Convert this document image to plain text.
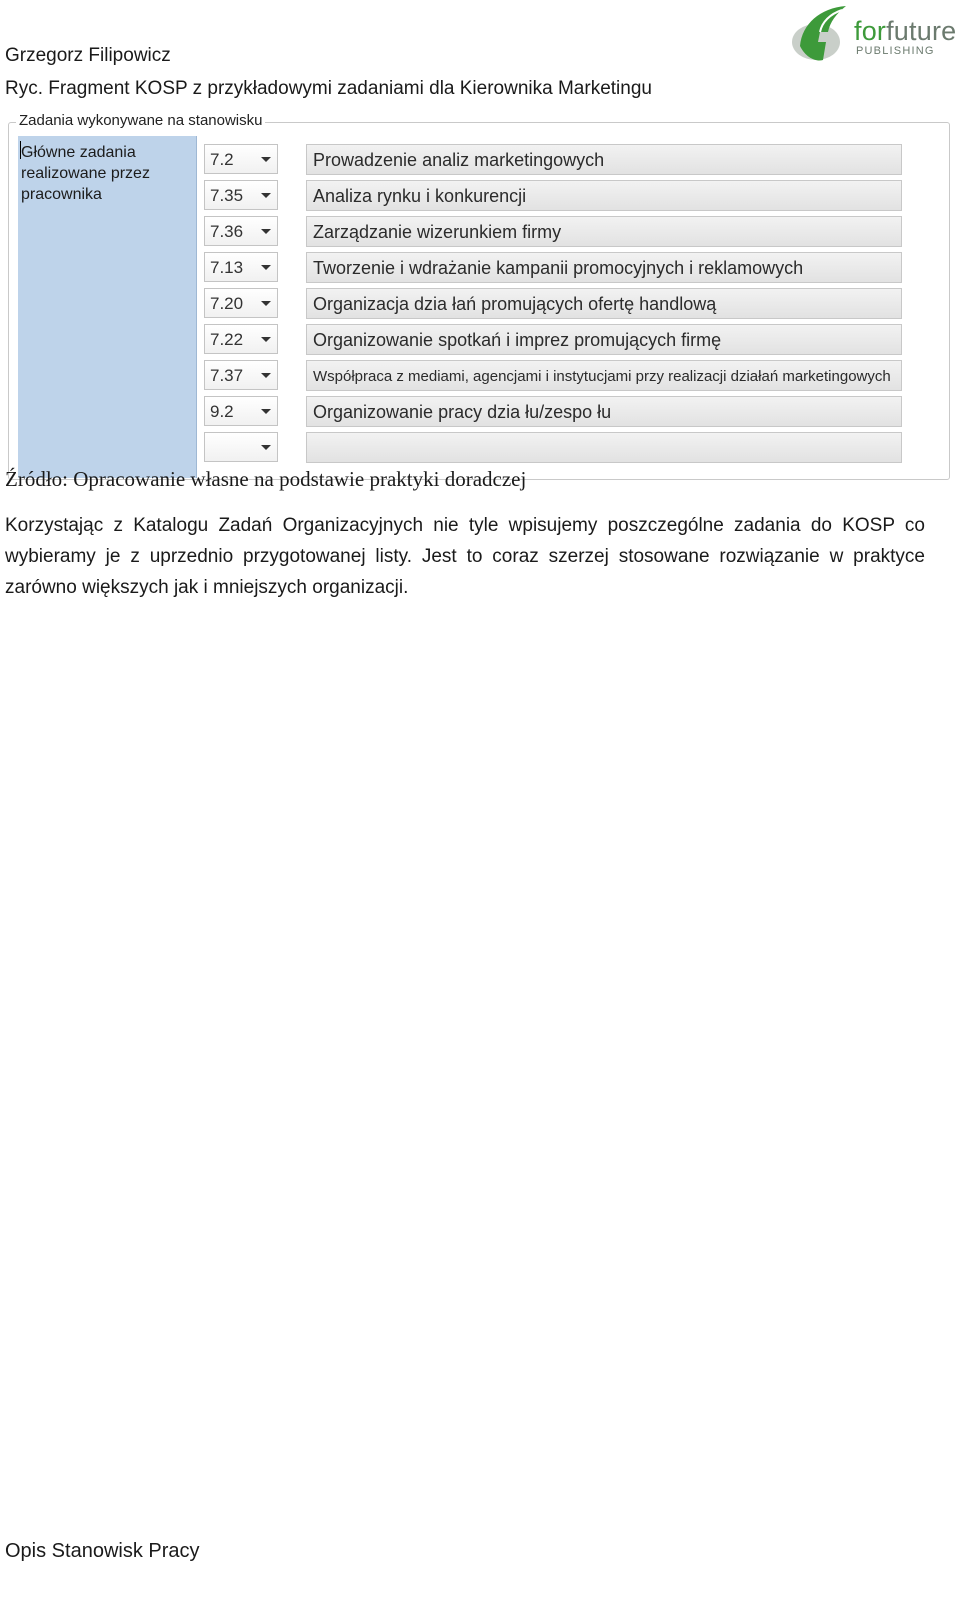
Grzegorz Filipowicz
Ryc. Fragment KOSP z przykładowymi zadaniami dla Kierownika Marketingu
forfuture
PUBLISHING
Zadania wykonywane na stanowisku
Główne zadania
realizowane przez
pracownika
7.2	Prowadzenie analiz marketingowych
7.35	Analiza rynku i konkurencji
7.36	Zarządzanie wizerunkiem firmy
7.13	Tworzenie i wdrażanie kampanii promocyjnych i reklamowych
7.20	Organizacja dzia łań promujących ofertę handlową
7.22	Organizowanie spotkań i imprez promujących firmę
7.37	Współpraca z mediami, agencjami i instytucjami przy realizacji działań marketingowych
9.2	Organizowanie pracy dzia łu/zespo łu
Źródło: Opracowanie własne na podstawie praktyki doradczej
Korzystając z Katalogu Zadań Organizacyjnych nie tyle wpisujemy poszczególne zadania do KOSP co wybieramy je z uprzednio przygotowanej listy. Jest to coraz szerzej stosowane rozwiązanie w praktyce zarówno większych jak i mniejszych organizacji.
Opis Stanowisk Pracy
